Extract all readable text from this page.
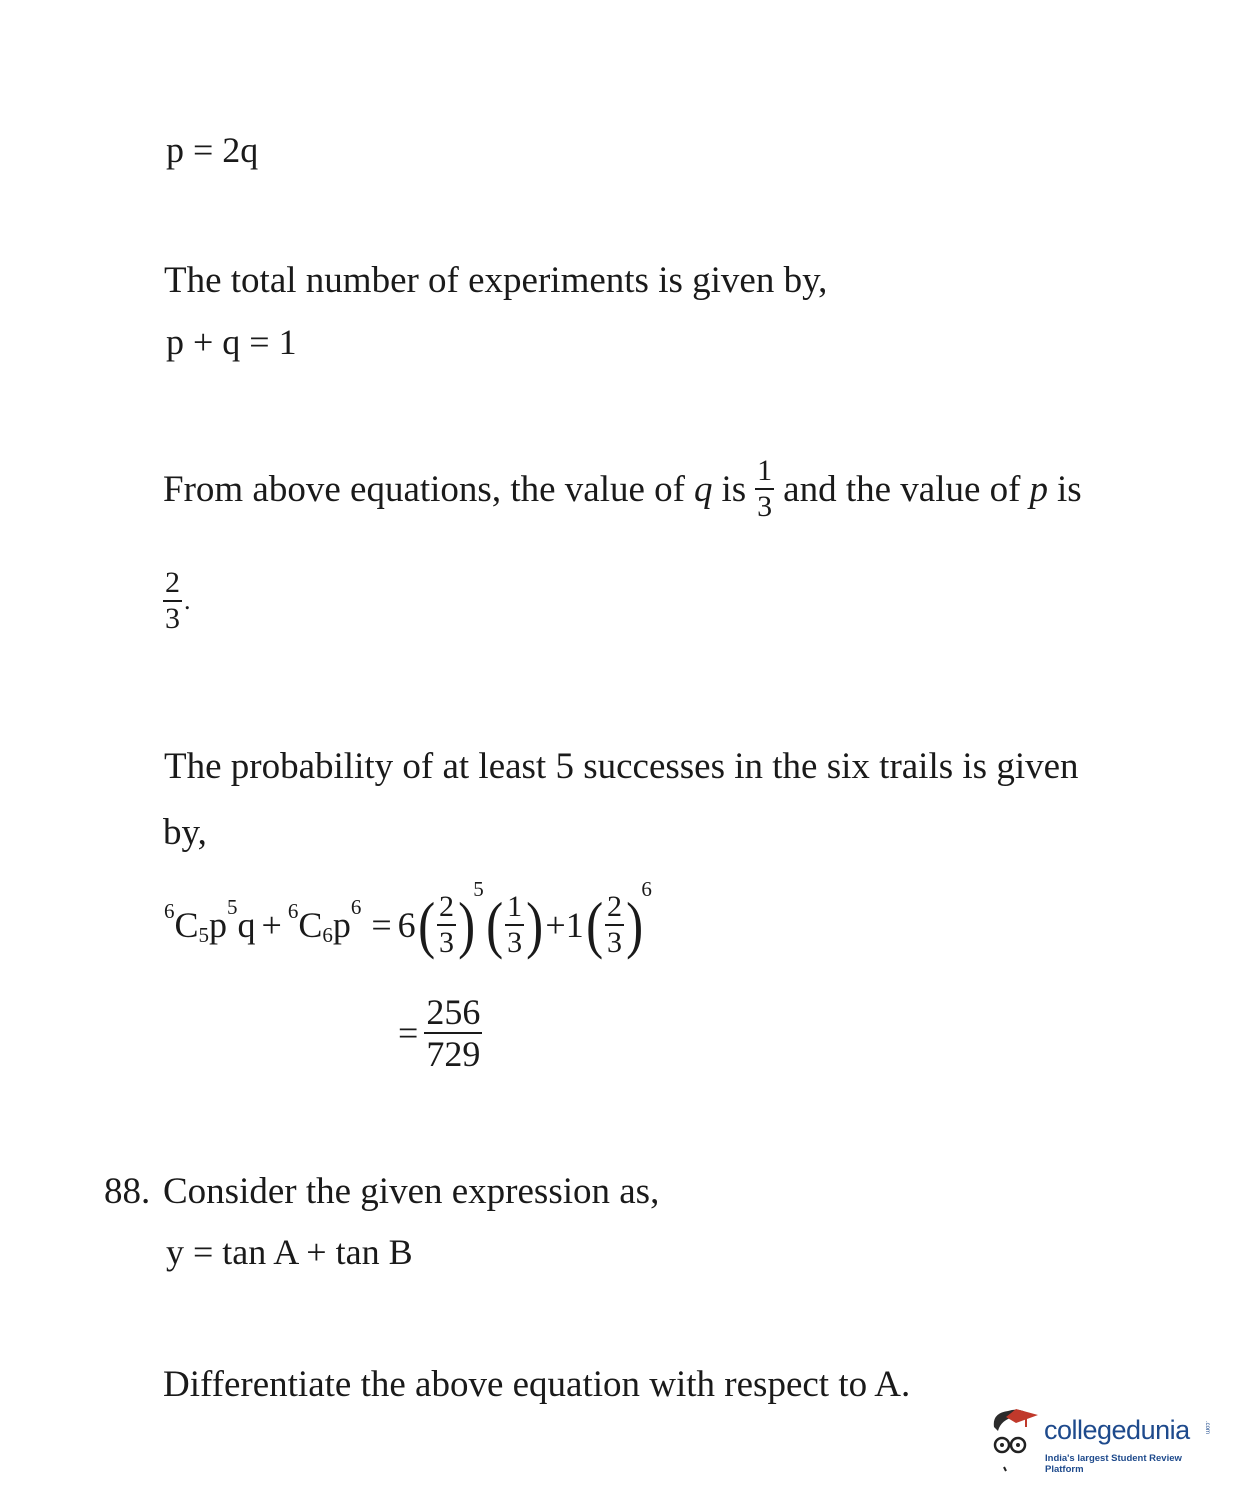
p = 2q
The total number of experiments is given by,
p + q = 1
From above equations, the value of q is $\frac{1}{3}$ and the value of p is
$\frac{2}{3}$ .
The probability of at least 5 successes in the six trails is given
by,
6 C 5 p 5 q + 6 C 6 p 6 = 6 ( $\frac{2}{3}$ )
5
( $\frac{1}{3}$ ) +1 ( $\frac{2}{3}$ )
6
= $\frac{256}{729}$
88. Consider the given expression as,
y = tan A + tan B
Differentiate the above equation with respect to A.
collegedunia
India's largest Student Review Platform
.com
